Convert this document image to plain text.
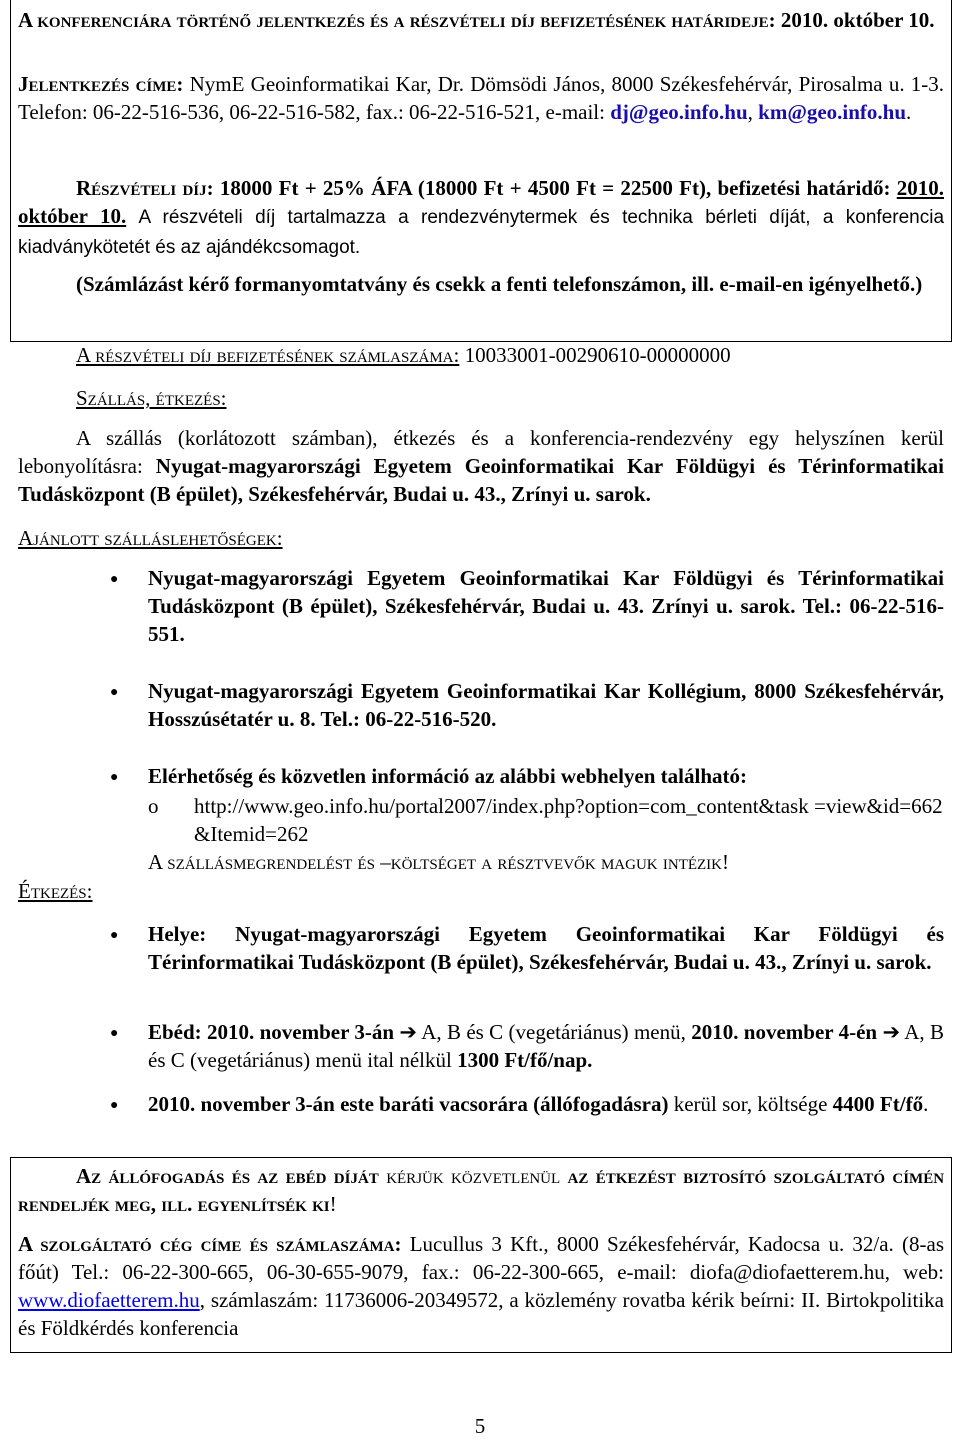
A konferenciára történő jelentkezés és a részvételi díj befizetésének határideje: 2010. október 10.
Jelentkezés címe: NymE Geoinformatikai Kar, Dr. Dömsödi János, 8000 Székesfehérvár, Pirosalma u. 1-3. Telefon: 06-22-516-536, 06-22-516-582, fax.: 06-22-516-521, e-mail: dj@geo.info.hu, km@geo.info.hu.
Részvételi díj: 18000 Ft + 25% ÁFA (18000 Ft + 4500 Ft = 22500 Ft), befizetési határidő: 2010. október 10. A részvételi díj tartalmazza a rendezvénytermek és technika bérleti díját, a konferencia kiadványkötetét és az ajándékcsomagot.
(Számlázást kérő formanyomtatvány és csekk a fenti telefonszámon, ill. e-mail-en igényelhető.)
A részvételi díj befizetésének számlaszáma: 10033001-00290610-00000000
Szállás, étkezés:
A szállás (korlátozott számban), étkezés és a konferencia-rendezvény egy helyszínen kerül lebonyolításra: Nyugat-magyarországi Egyetem Geoinformatikai Kar Földügyi és Térinformatikai Tudásközpont (B épület), Székesfehérvár, Budai u. 43., Zrínyi u. sarok.
Ajánlott szálláslehetőségek:
● Nyugat-magyarországi Egyetem Geoinformatikai Kar Földügyi és Térinformatikai Tudásközpont (B épület), Székesfehérvár, Budai u. 43. Zrínyi u. sarok. Tel.: 06-22-516-551.
● Nyugat-magyarországi Egyetem Geoinformatikai Kar Kollégium, 8000 Székesfehérvár, Hosszúsétatér u. 8. Tel.: 06-22-516-520.
● Elérhetőség és közvetlen információ az alábbi webhelyen található:
o http://www.geo.info.hu/portal2007/index.php?option=com_content&task =view&id=662&Itemid=262
A szállásmegrendelést és –költséget a résztvevők maguk intézik!
Étkezés:
● Helye: Nyugat-magyarországi Egyetem Geoinformatikai Kar Földügyi és Térinformatikai Tudásközpont (B épület), Székesfehérvár, Budai u. 43., Zrínyi u. sarok.
● Ebéd: 2010. november 3-án ➔ A, B és C (vegetáriánus) menü, 2010. november 4-én ➔ A, B és C (vegetáriánus) menü ital nélkül 1300 Ft/fő/nap.
● 2010. november 3-án este baráti vacsorára (állófogadásra) kerül sor, költsége 4400 Ft/fő.
Az állófogadás és az ebéd díját kérjük közvetlenül az étkezést biztosító szolgáltató címén rendeljék meg, ill. egyenlítsék ki!
A szolgáltató cég címe és számlaszáma: Lucullus 3 Kft., 8000 Székesfehérvár, Kadocsa u. 32/a. (8-as főút) Tel.: 06-22-300-665, 06-30-655-9079, fax.: 06-22-300-665, e-mail: diofa@diofaetterem.hu, web: www.diofaetterem.hu, számlaszám: 11736006-20349572, a közlemény rovatba kérik beírni: II. Birtokpolitika és Földkérdés konferencia
5
